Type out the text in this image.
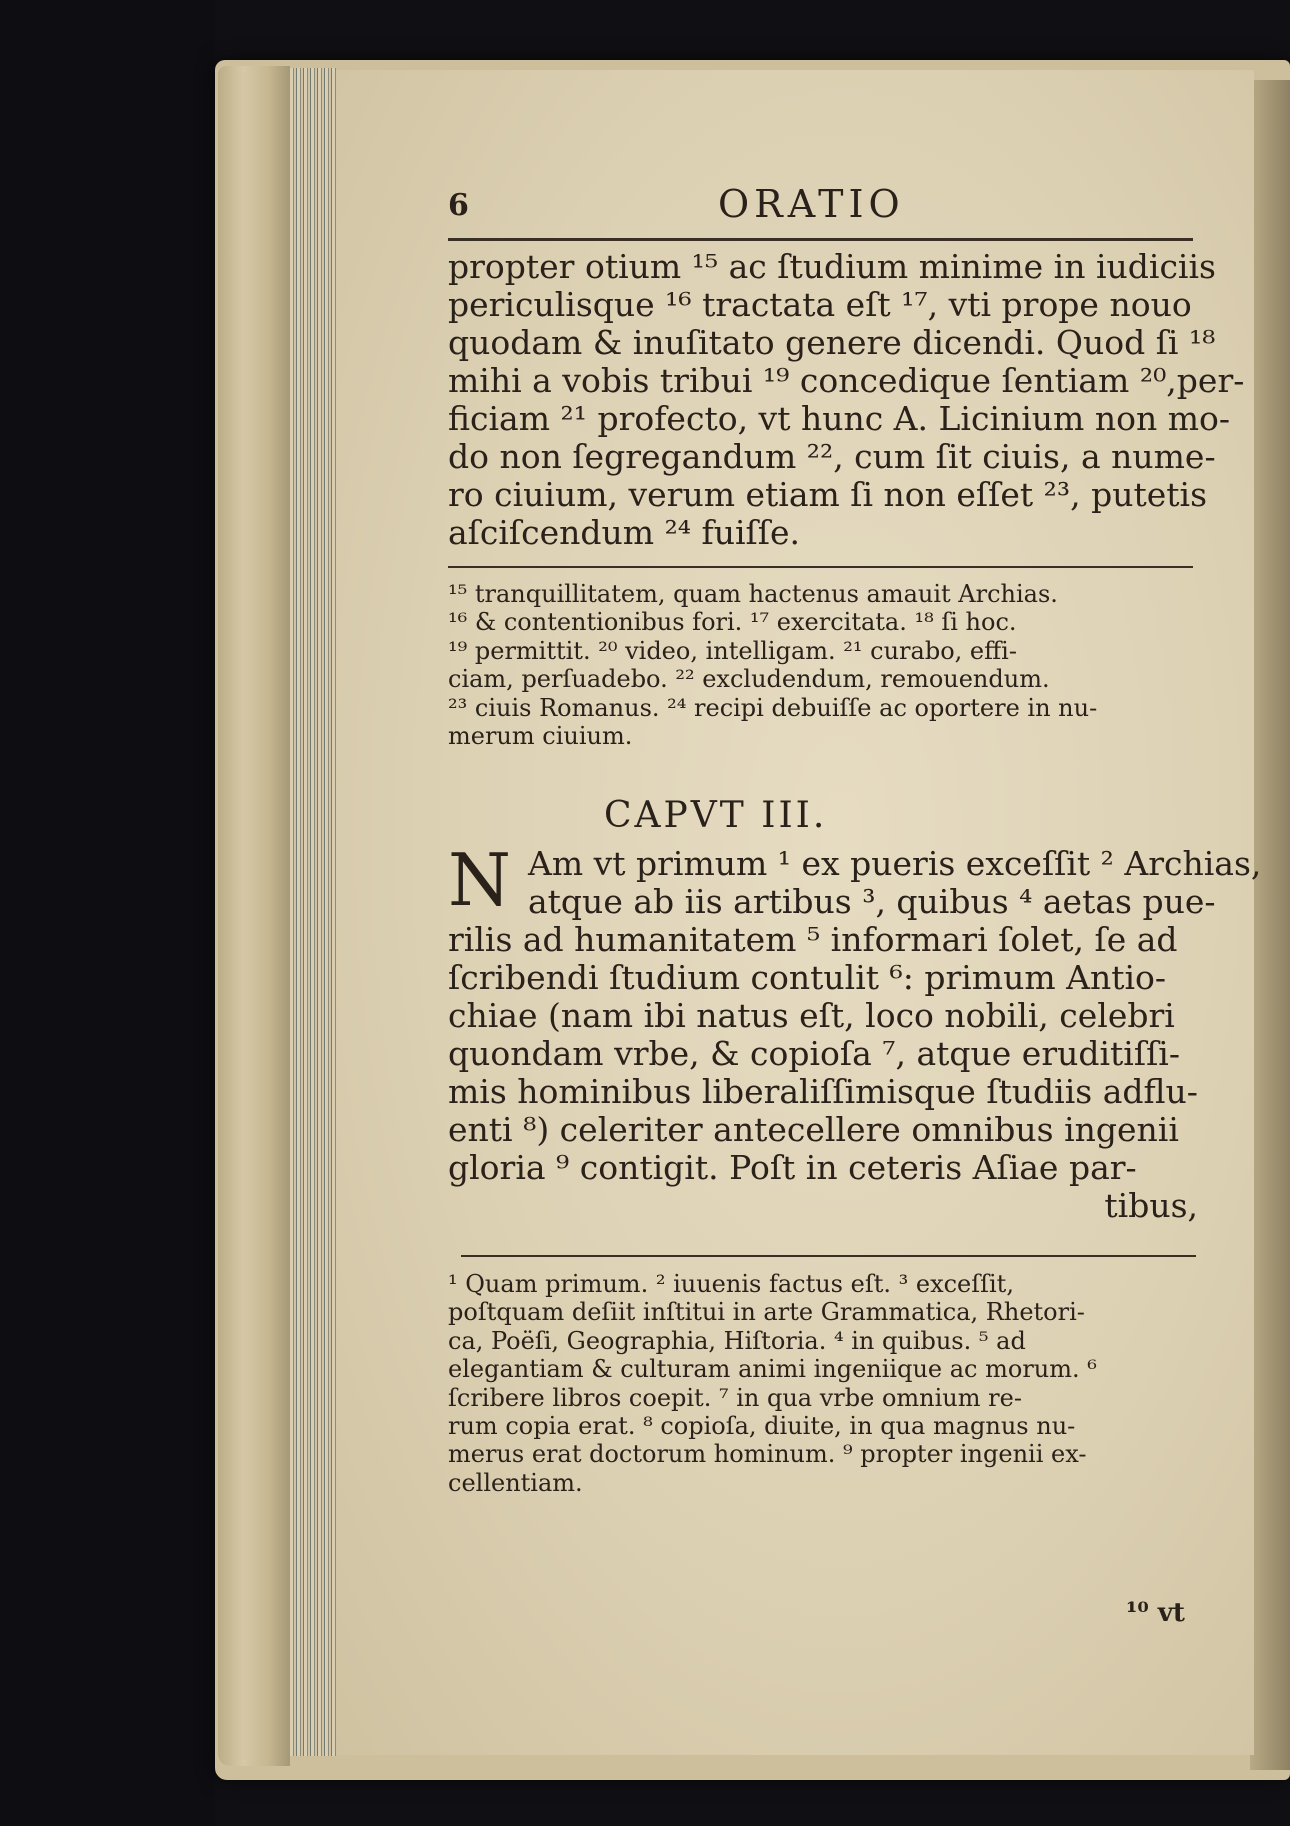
6	ORATIO
propter otium ¹⁵ ac ſtudium minime in iudiciis
periculisque ¹⁶ tractata eſt ¹⁷, vti prope nouo
quodam & inuſitato genere dicendi. Quod ſi ¹⁸
mihi a vobis tribui ¹⁹ concedique ſentiam ²⁰,per-
ficiam ²¹ profecto, vt hunc A. Licinium non mo-
do non ſegregandum ²², cum ſit ciuis, a nume-
ro ciuium, verum etiam ſi non eſſet ²³, putetis
aſciſcendum ²⁴ fuiſſe.
¹⁵ tranquillitatem, quam hactenus amauit Archias.
¹⁶ & contentionibus fori. ¹⁷ exercitata. ¹⁸ ſi hoc.
¹⁹ permittit. ²⁰ video, intelligam. ²¹ curabo, effi-
ciam, perſuadebo. ²² excludendum, remouendum.
²³ ciuis Romanus. ²⁴ recipi debuiſſe ac oportere in nu-
merum ciuium.
CAPVT III.
N Am vt primum ¹ ex pueris exceſſit ² Archias,
atque ab iis artibus ³, quibus ⁴ aetas pue-
rilis ad humanitatem ⁵ informari ſolet, ſe ad
ſcribendi ſtudium contulit ⁶: primum Antio-
chiae (nam ibi natus eſt, loco nobili, celebri
quondam vrbe, & copioſa ⁷, atque eruditiſſi-
mis hominibus liberaliſſimisque ſtudiis adflu-
enti ⁸) celeriter antecellere omnibus ingenii
gloria ⁹ contigit. Poſt in ceteris Aſiae par-
tibus,
¹ Quam primum. ² iuuenis factus eſt. ³ exceſſit,
poſtquam deſiit inſtitui in arte Grammatica, Rhetori-
ca, Poëſi, Geographia, Hiſtoria. ⁴ in quibus. ⁵ ad
elegantiam & culturam animi ingeniique ac morum. ⁶
ſcribere libros coepit. ⁷ in qua vrbe omnium re-
rum copia erat. ⁸ copioſa, diuite, in qua magnus nu-
merus erat doctorum hominum. ⁹ propter ingenii ex-
cellentiam.
¹⁰ vt
